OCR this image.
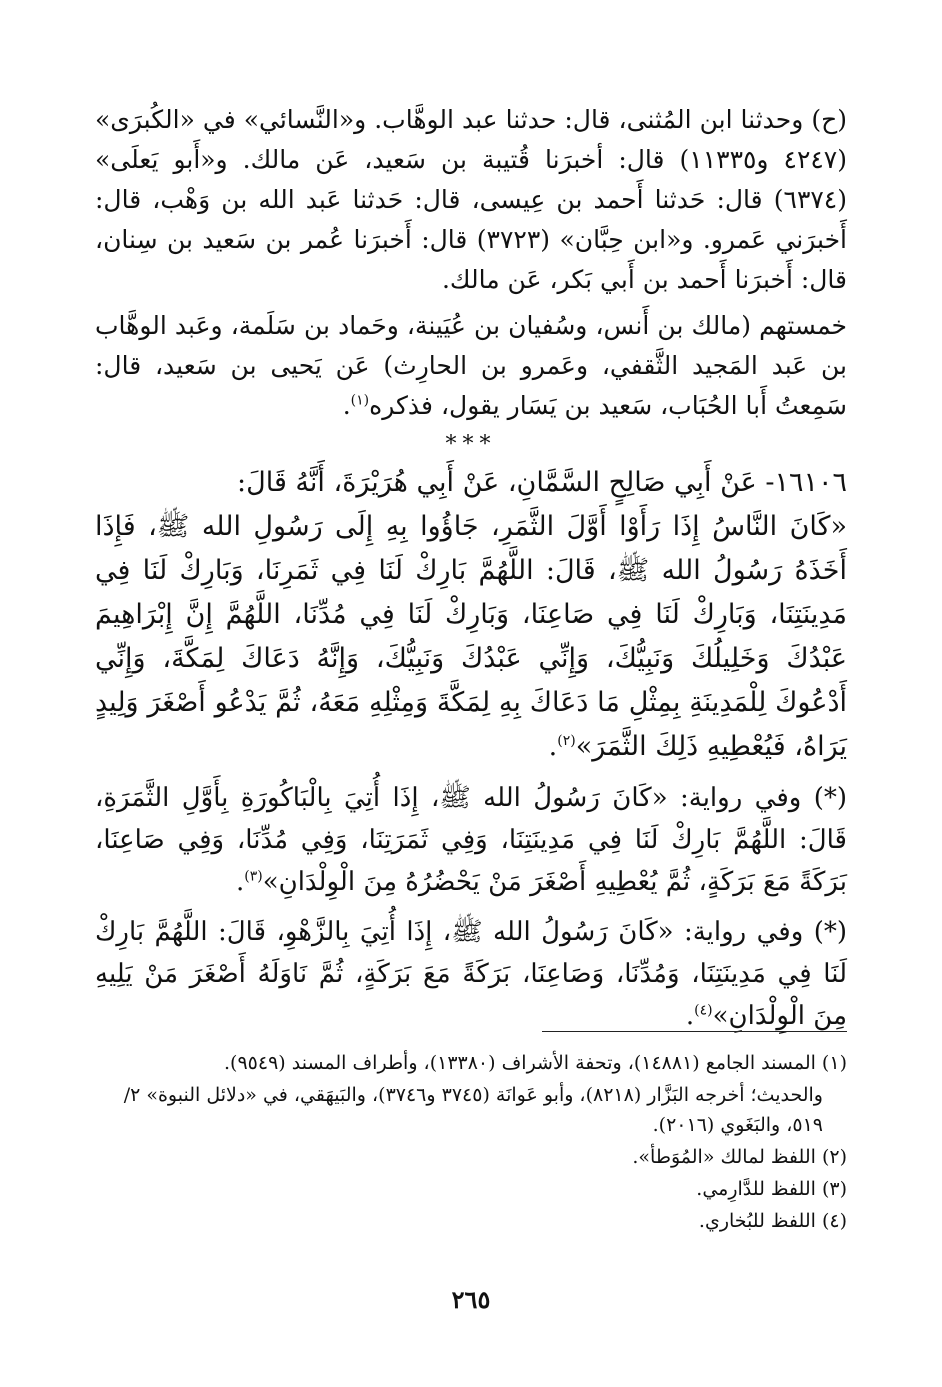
(ح) وحدثنا ابن المُثنى، قال: حدثنا عبد الوهَّاب. و«النَّسائي» في «الكُبرَى» (٤٢٤٧ و١١٣٣٥) قال: أخبرَنا قُتيبة بن سَعيد، عَن مالك. و«أَبو يَعلَى» (٦٣٧٤) قال: حَدثنا أَحمد بن عِيسى، قال: حَدثنا عَبد الله بن وَهْب، قال: أَخبرَني عَمرو. و«ابن حِبَّان» (٣٧٢٣) قال: أَخبرَنا عُمر بن سَعيد بن سِنان، قال: أَخبرَنا أَحمد بن أَبي بَكر، عَن مالك.

خمستهم (مالك بن أَنس، وسُفيان بن عُيَينة، وحَماد بن سَلَمة، وعَبد الوهَّاب بن عَبد المَجيد الثَّقفي، وعَمرو بن الحارِث) عَن يَحيى بن سَعيد، قال: سَمِعتُ أَبا الحُبَاب، سَعيد بن يَسَار يقول، فذكره$^{(١)}$.

***

١٦١٠٦- عَنْ أَبِي صَالِحٍ السَّمَّانِ، عَنْ أَبِي هُرَيْرَةَ، أَنَّهُ قَالَ:

«كَانَ النَّاسُ إِذَا رَأَوْا أَوَّلَ الثَّمَرِ، جَاؤُوا بِهِ إِلَى رَسُولِ الله ﷺ، فَإِذَا أَخَذَهُ رَسُولُ الله ﷺ، قَالَ: اللَّهُمَّ بَارِكْ لَنَا فِي ثَمَرِنَا، وَبَارِكْ لَنَا فِي مَدِينَتِنَا، وَبَارِكْ لَنَا فِي صَاعِنَا، وَبَارِكْ لَنَا فِي مُدِّنَا، اللَّهُمَّ إِنَّ إِبْرَاهِيمَ عَبْدُكَ وَخَلِيلُكَ وَنَبِيُّكَ، وَإِنِّي عَبْدُكَ وَنَبِيُّكَ، وَإِنَّهُ دَعَاكَ لِمَكَّةَ، وَإِنِّي أَدْعُوكَ لِلْمَدِينَةِ بِمِثْلِ مَا دَعَاكَ بِهِ لِمَكَّةَ وَمِثْلِهِ مَعَهُ، ثُمَّ يَدْعُو أَصْغَرَ وَلِيدٍ يَرَاهُ، فَيُعْطِيهِ ذَلِكَ الثَّمَرَ»$^{(٢)}$.

(*) وفي رواية: «كَانَ رَسُولُ الله ﷺ، إِذَا أُتِيَ بِالْبَاكُورَةِ بِأَوَّلِ الثَّمَرَةِ، قَالَ: اللَّهُمَّ بَارِكْ لَنَا فِي مَدِينَتِنَا، وَفِي ثَمَرَتِنَا، وَفِي مُدِّنَا، وَفِي صَاعِنَا، بَرَكَةً مَعَ بَرَكَةٍ، ثُمَّ يُعْطِيهِ أَصْغَرَ مَنْ يَحْضُرُهُ مِنَ الْوِلْدَانِ»$^{(٣)}$.

(*) وفي رواية: «كَانَ رَسُولُ الله ﷺ، إِذَا أُتِيَ بِالزَّهْوِ، قَالَ: اللَّهُمَّ بَارِكْ لَنَا فِي مَدِينَتِنَا، وَمُدِّنَا، وَصَاعِنَا، بَرَكَةً مَعَ بَرَكَةٍ، ثُمَّ نَاوَلَهُ أَصْغَرَ مَنْ يَلِيهِ مِنَ الْوِلْدَانِ»$^{(٤)}$.

(١) المسند الجامع (١٤٨٨١)، وتحفة الأشراف (١٣٣٨٠)، وأطراف المسند (٩٥٤٩).

والحديث؛ أخرجه البَزَّار (٨٢١٨)، وأبو عَوانَة (٣٧٤٥ و٣٧٤٦)، والبَيهَقي، في «دلائل النبوة» ٢/ ٥١٩، والبَغَوي (٢٠١٦).

(٢) اللفظ لمالك «المُوَطأ».

(٣) اللفظ للدَّارِمي.

(٤) اللفظ للبُخاري.

٢٦٥
